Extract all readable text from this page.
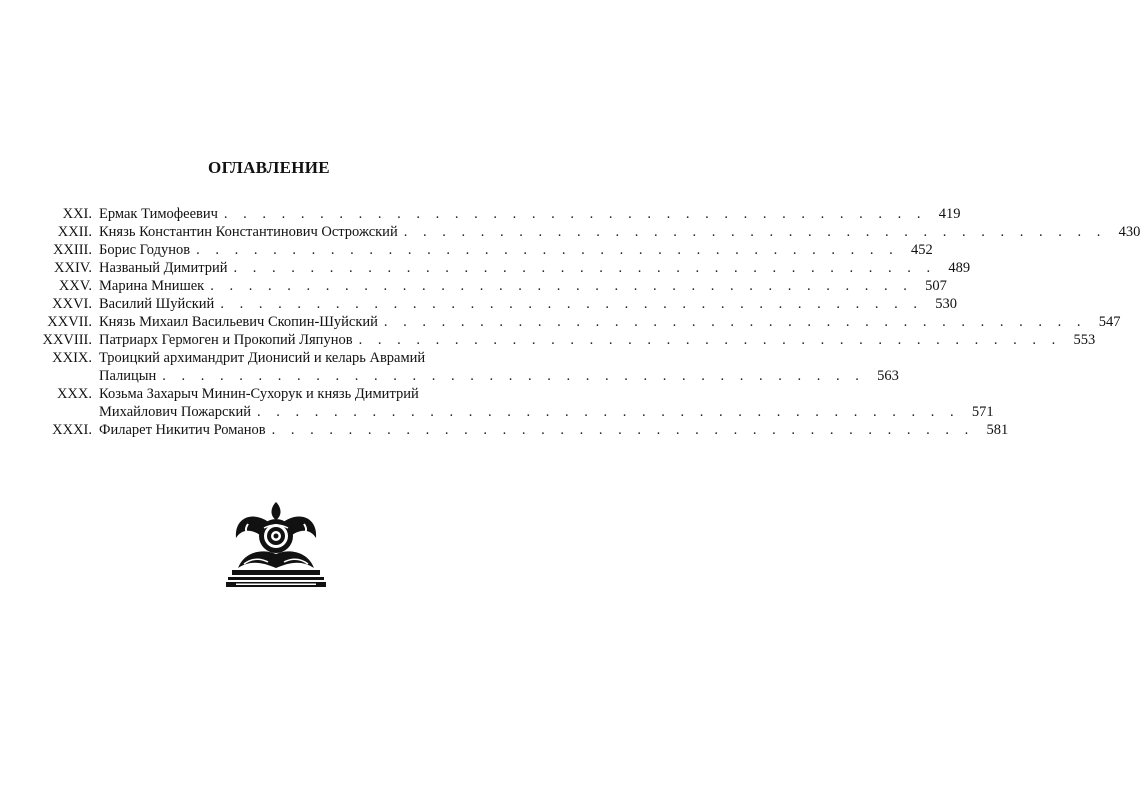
ОГЛАВЛЕНИЕ
XXI. Ермак Тимофеевич . . . . . . . . . . . . . . . . . . . . . . . . . . . . . . . . . . . . . 419
XXII. Князь Константин Константинович Острожский . . . . . . . . . . . . . . . . . . . . . . . . . . . . . . . . . . . . . 430
XXIII. Борис Годунов . . . . . . . . . . . . . . . . . . . . . . . . . . . . . . . . . . . . . 452
XXIV. Названый Димитрий . . . . . . . . . . . . . . . . . . . . . . . . . . . . . . . . . . . . . 489
XXV. Марина Мнишек . . . . . . . . . . . . . . . . . . . . . . . . . . . . . . . . . . . . . 507
XXVI. Василий Шуйский . . . . . . . . . . . . . . . . . . . . . . . . . . . . . . . . . . . . . 530
XXVII. Князь Михаил Васильевич Скопин-Шуйский . . . . . . . . . . . . . . . . . . . . . . . . . . . . . . . . . . . . . 547
XXVIII. Патриарх Гермоген и Прокопий Ляпунов . . . . . . . . . . . . . . . . . . . . . . . . . . . . . . . . . . . . . 553
XXIX. Троицкий архимандрит Дионисий и келарь Аврамий
Палицын . . . . . . . . . . . . . . . . . . . . . . . . . . . . . . . . . . . . . 563
XXX. Козьма Захарыч Минин-Сухорук и князь Димитрий
Михайлович Пожарский . . . . . . . . . . . . . . . . . . . . . . . . . . . . . . . . . . . . . 571
XXXI. Филарет Никитич Романов . . . . . . . . . . . . . . . . . . . . . . . . . . . . . . . . . . . . . 581
